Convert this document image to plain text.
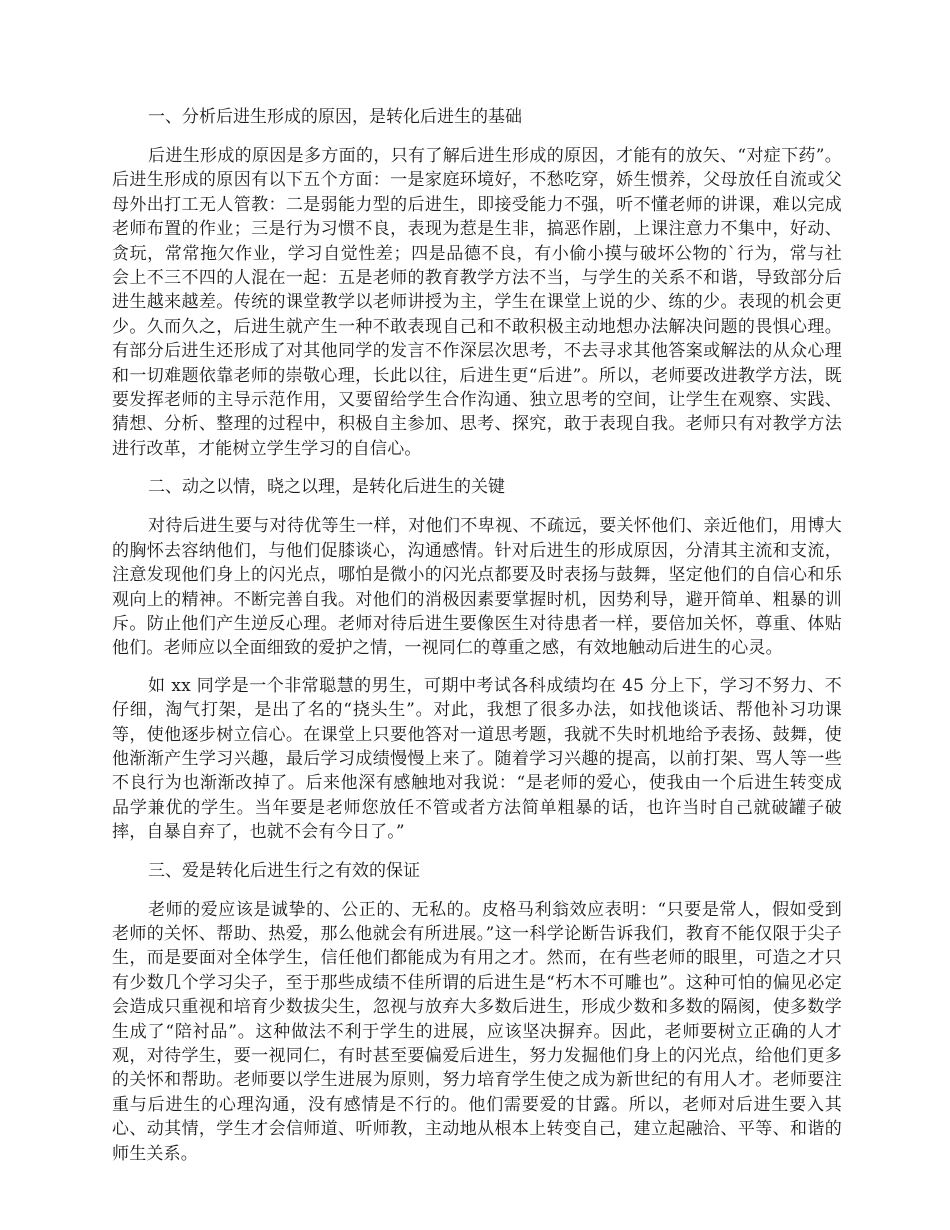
一、分析后进生形成的原因，是转化后进生的基础

后进生形成的原因是多方面的，只有了解后进生形成的原因，才能有的放矢、“对症下药”。后进生形成的原因有以下五个方面：一是家庭环境好，不愁吃穿，娇生惯养，父母放任自流或父母外出打工无人管教：二是弱能力型的后进生，即接受能力不强，听不懂老师的讲课，难以完成老师布置的作业；三是行为习惯不良，表现为惹是生非，搞恶作剧，上课注意力不集中，好动、贪玩，常常拖欠作业，学习自觉性差；四是品德不良，有小偷小摸与破坏公物的`行为，常与社会上不三不四的人混在一起：五是老师的教育教学方法不当，与学生的关系不和谐，导致部分后进生越来越差。传统的课堂教学以老师讲授为主，学生在课堂上说的少、练的少。表现的机会更少。久而久之，后进生就产生一种不敢表现自己和不敢积极主动地想办法解决问题的畏惧心理。有部分后进生还形成了对其他同学的发言不作深层次思考，不去寻求其他答案或解法的从众心理和一切难题依靠老师的崇敬心理，长此以往，后进生更“后进”。所以，老师要改进教学方法，既要发挥老师的主导示范作用，又要留给学生合作沟通、独立思考的空间，让学生在观察、实践、猜想、分析、整理的过程中，积极自主参加、思考、探究，敢于表现自我。老师只有对教学方法进行改革，才能树立学生学习的自信心。

二、动之以情，晓之以理，是转化后进生的关键

对待后进生要与对待优等生一样，对他们不卑视、不疏远，要关怀他们、亲近他们，用博大的胸怀去容纳他们，与他们促膝谈心，沟通感情。针对后进生的形成原因，分清其主流和支流，注意发现他们身上的闪光点，哪怕是微小的闪光点都要及时表扬与鼓舞，坚定他们的自信心和乐观向上的精神。不断完善自我。对他们的消极因素要掌握时机，因势利导，避开简单、粗暴的训斥。防止他们产生逆反心理。老师对待后进生要像医生对待患者一样，要倍加关怀，尊重、体贴他们。老师应以全面细致的爱护之情，一视同仁的尊重之感，有效地触动后进生的心灵。

如 xx 同学是一个非常聪慧的男生，可期中考试各科成绩均在 45 分上下，学习不努力、不仔细，淘气打架，是出了名的“挠头生”。对此，我想了很多办法，如找他谈话、帮他补习功课等，使他逐步树立信心。在课堂上只要他答对一道思考题，我就不失时机地给予表扬、鼓舞，使他渐渐产生学习兴趣，最后学习成绩慢慢上来了。随着学习兴趣的提高，以前打架、骂人等一些不良行为也渐渐改掉了。后来他深有感触地对我说：“是老师的爱心，使我由一个后进生转变成品学兼优的学生。当年要是老师您放任不管或者方法简单粗暴的话，也许当时自己就破罐子破摔，自暴自弃了，也就不会有今日了。”

三、爱是转化后进生行之有效的保证

老师的爱应该是诚挚的、公正的、无私的。皮格马利翁效应表明：“只要是常人，假如受到老师的关怀、帮助、热爱，那么他就会有所进展。”这一科学论断告诉我们，教育不能仅限于尖子生，而是要面对全体学生，信任他们都能成为有用之才。然而，在有些老师的眼里，可造之才只有少数几个学习尖子，至于那些成绩不佳所谓的后进生是“朽木不可雕也”。这种可怕的偏见必定会造成只重视和培育少数拔尖生，忽视与放弃大多数后进生，形成少数和多数的隔阂，使多数学生成了“陪衬品”。这种做法不利于学生的进展，应该坚决摒弃。因此，老师要树立正确的人才观，对待学生，要一视同仁，有时甚至要偏爱后进生，努力发掘他们身上的闪光点，给他们更多的关怀和帮助。老师要以学生进展为原则，努力培育学生使之成为新世纪的有用人才。老师要注重与后进生的心理沟通，没有感情是不行的。他们需要爱的甘露。所以，老师对后进生要入其心、动其情，学生才会信师道、听师教，主动地从根本上转变自己，建立起融洽、平等、和谐的师生关系。
